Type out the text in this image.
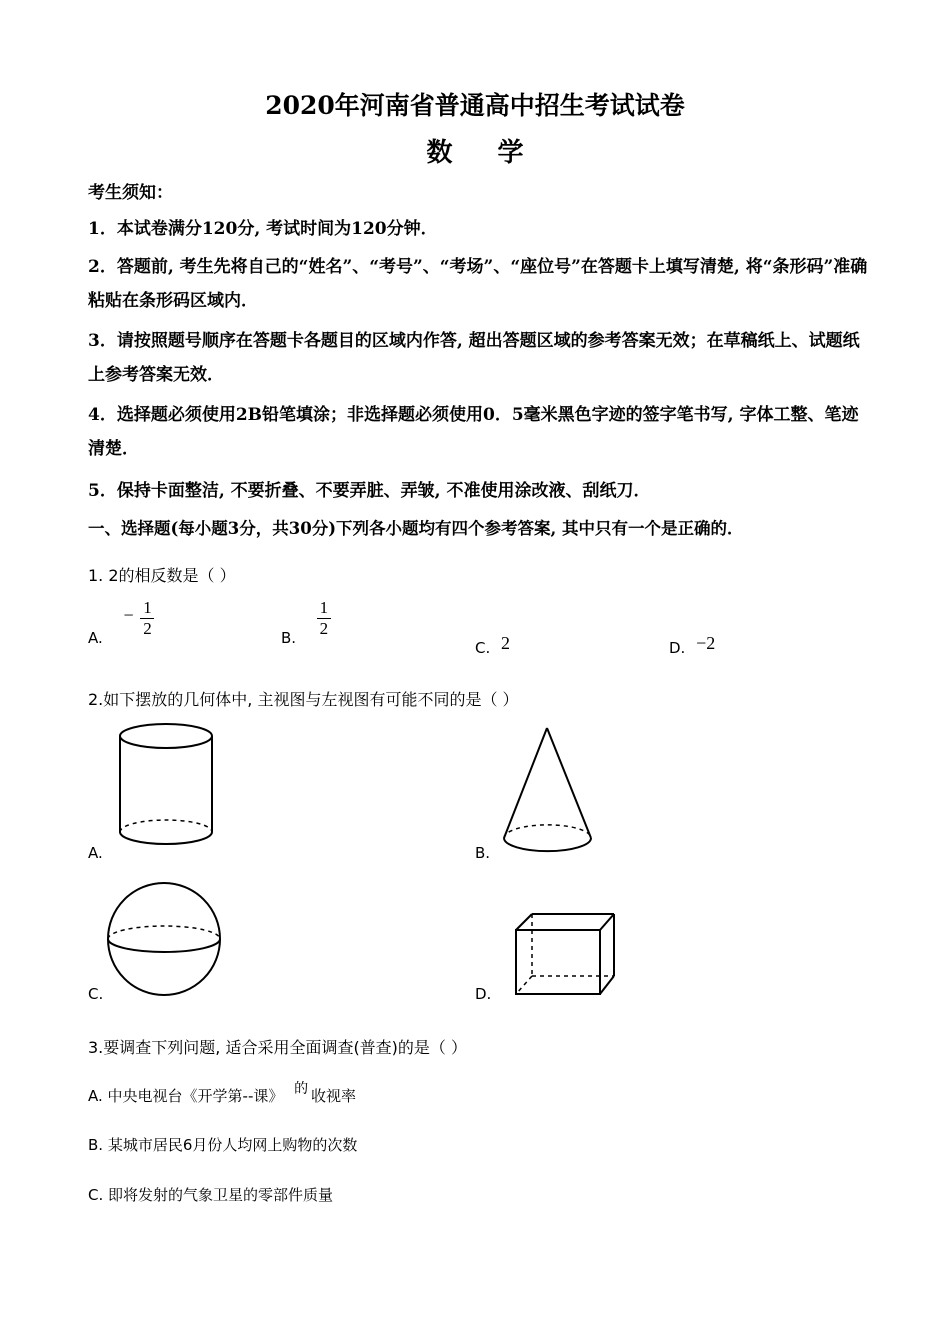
2020年河南省普通高中招生考试试卷
数 学

考生须知：

1．本试卷满分120分, 考试时间为120分钟．

2．答题前, 考生先将自己的“姓名”、“考号”、“考场”、“座位号”在答题卡上填写清楚, 将“条形码”准确粘贴在条形码区域内．

3．请按照题号顺序在答题卡各题目的区域内作答, 超出答题区域的参考答案无效；在草稿纸上、试题纸上参考答案无效．

4．选择题必须使用2B铅笔填涂；非选择题必须使用0．5毫米黑色字迹的签字笔书写, 字体工整、笔迹清楚．

5．保持卡面整洁, 不要折叠、不要弄脏、弄皱, 不准使用涂改液、刮纸刀．

一、选择题(每小题3分，共30分)下列各小题均有四个参考答案, 其中只有一个是正确的．

1. 2的相反数是（ ）
A. − $\frac{1}{2}$	B. $\frac{1}{2}$
C. 2	D. −2
2.如下摆放的几何体中, 主视图与左视图有可能不同的是（ ）
A.	B.
C.	D.
3.要调查下列问题, 适合采用全面调查(普查)的是（ ）
A. 中央电视台《开学第--课》 的 收视率
B. 某城市居民6月份人均网上购物的次数
C. 即将发射的气象卫星的零部件质量
